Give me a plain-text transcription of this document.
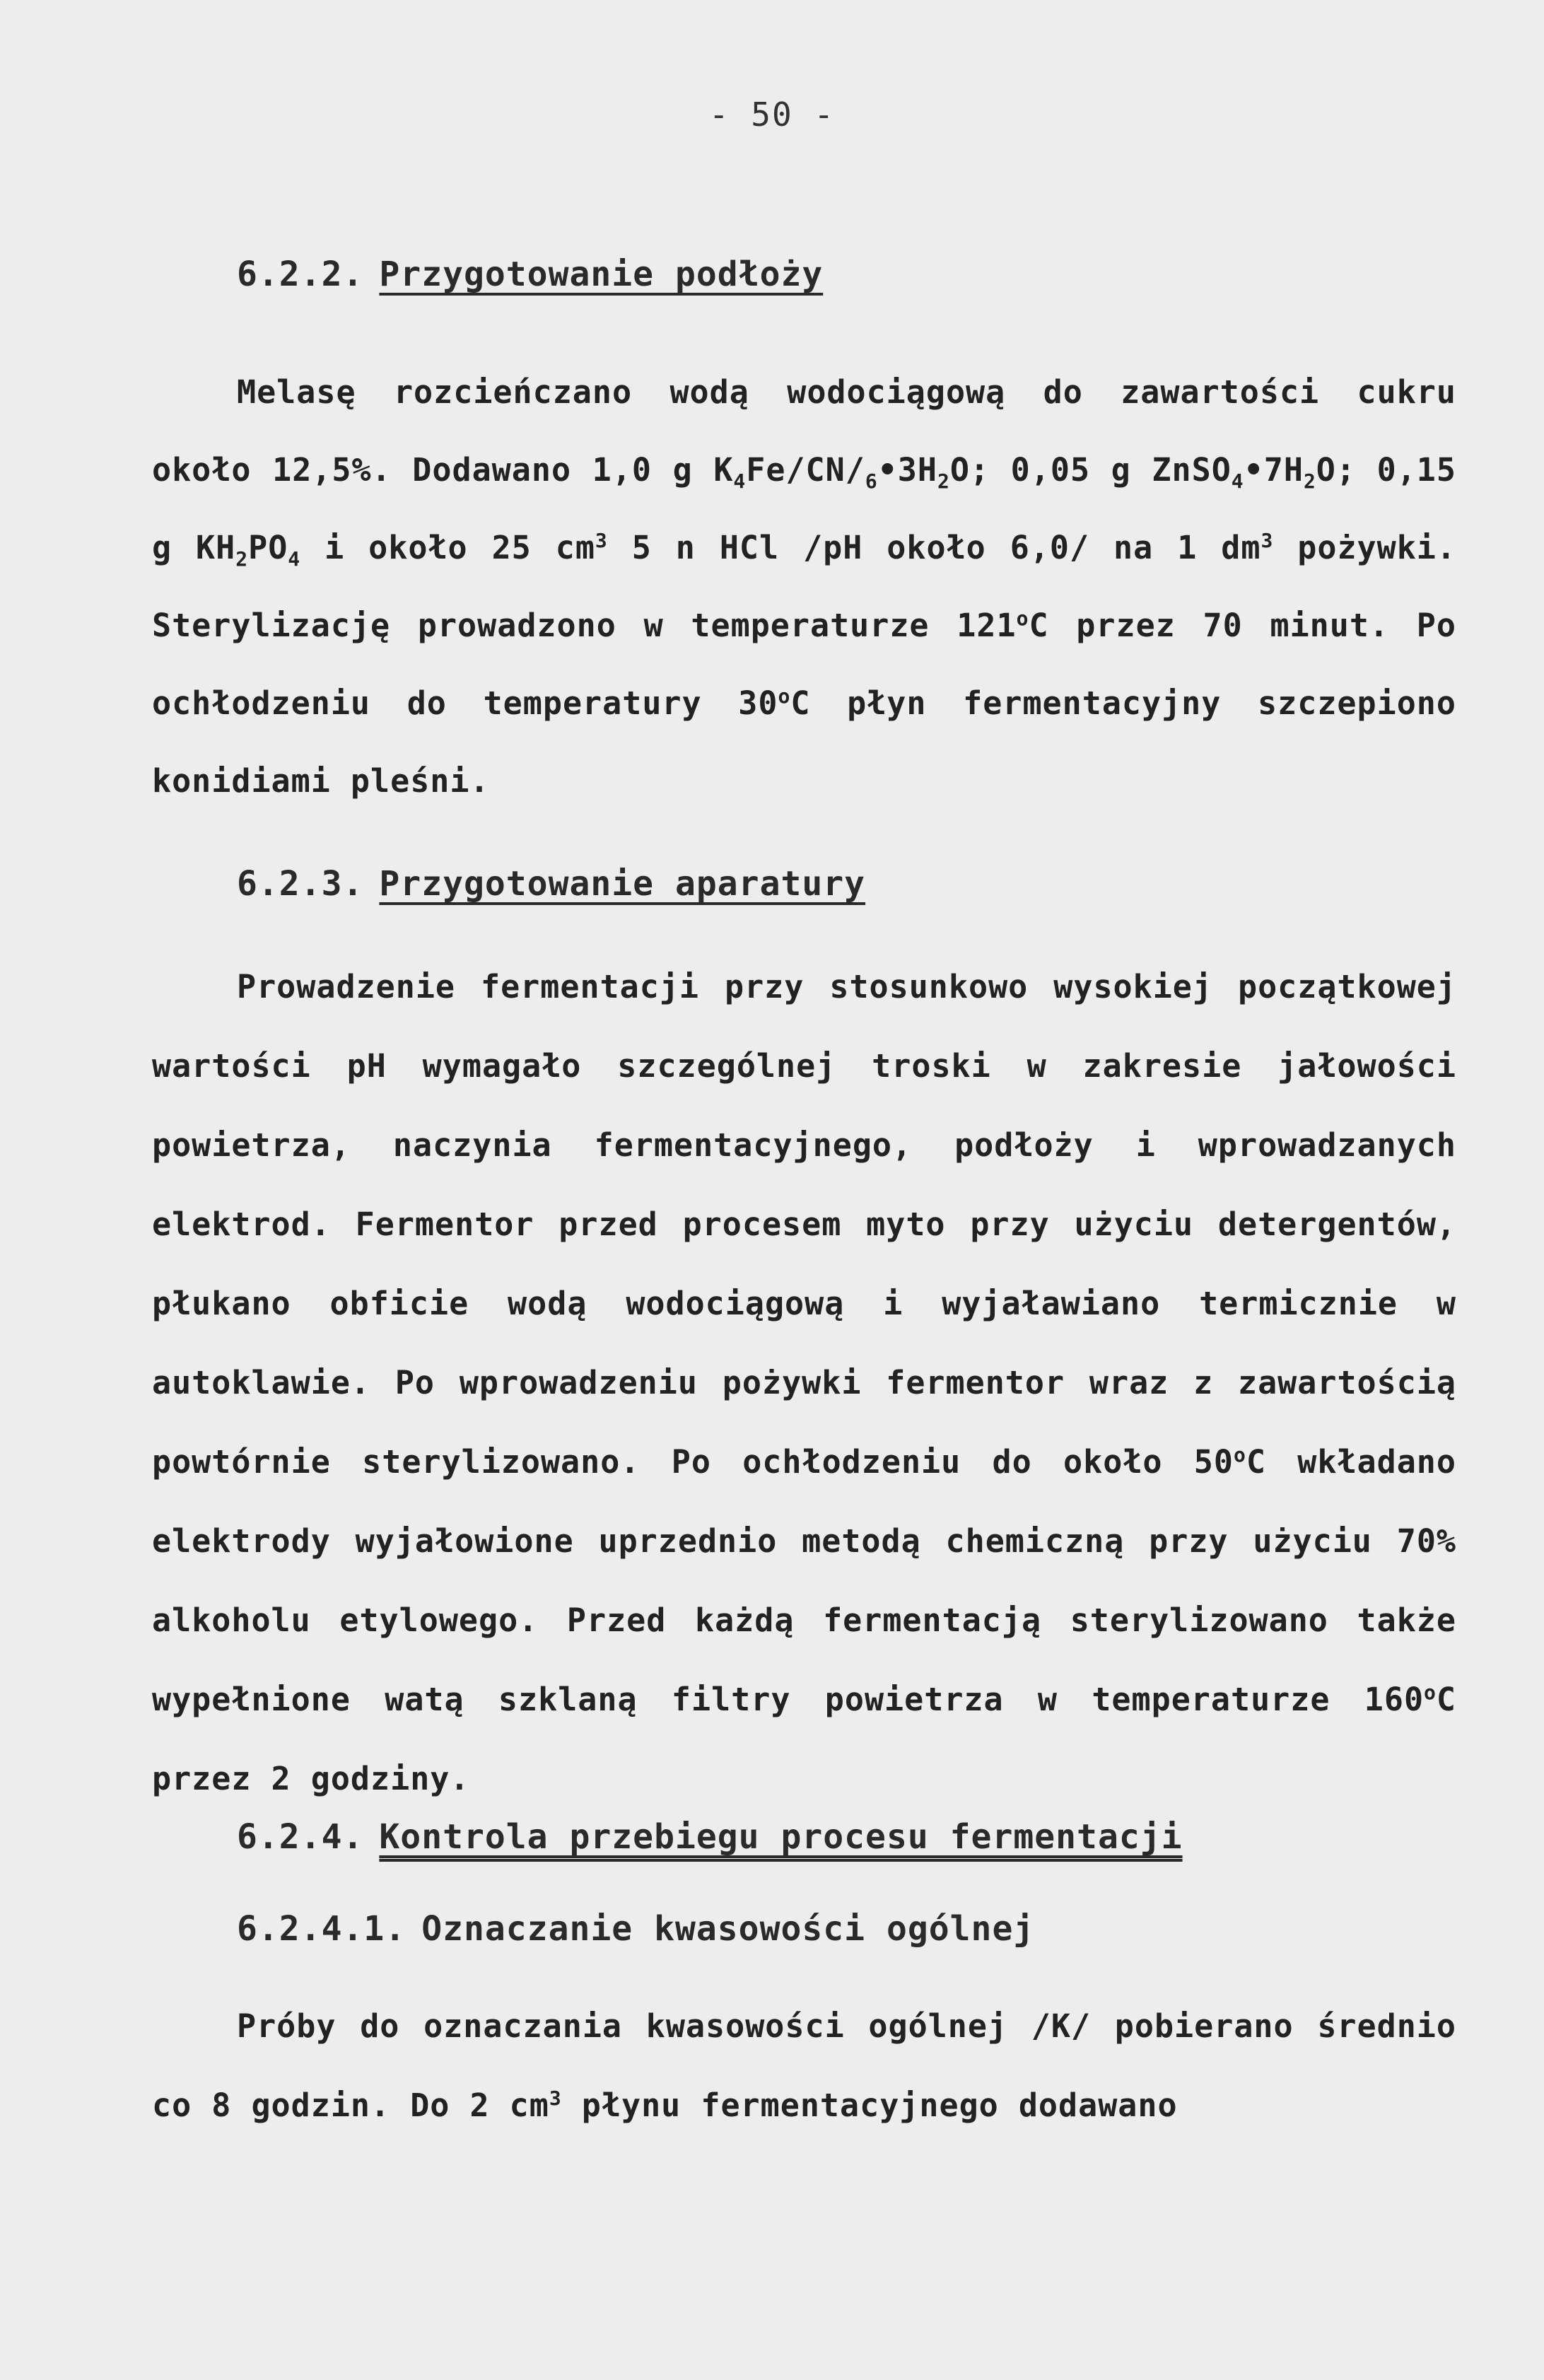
- 50 -
6.2.2. Przygotowanie podłoży
Melasę rozcieńczano wodą wodociągową do zawartości cukru około 12,5%. Dodawano 1,0 g $K_4Fe/CN/_6•3H_2O$; 0,05 g $ZnSO_4•7H_2O$; 0,15 g $KH_2PO_4$ i około 25 $cm^3$ 5 n HCl /pH około 6,0/ na 1 $dm^3$ pożywki. Sterylizację prowadzono w temperaturze 121$^o$C przez 70 minut. Po ochłodzeniu do temperatury 30$^o$C płyn fermentacyjny szczepiono konidiami pleśni.
6.2.3. Przygotowanie aparatury
Prowadzenie fermentacji przy stosunkowo wysokiej początkowej wartości pH wymagało szczególnej troski w zakresie jałowości powietrza, naczynia fermentacyjnego, podłoży i wprowadzanych elektrod. Fermentor przed procesem myto przy użyciu detergentów, płukano obficie wodą wodociągową i wyjaławiano termicznie w autoklawie. Po wprowadzeniu pożywki fermentor wraz z zawartością powtórnie sterylizowano. Po ochłodzeniu do około 50$^o$C wkładano elektrody wyjałowione uprzednio metodą chemiczną przy użyciu 70% alkoholu etylowego. Przed każdą fermentacją sterylizowano także wypełnione watą szklaną filtry powietrza w temperaturze 160$^o$C przez 2 godziny.
6.2.4. Kontrola przebiegu procesu fermentacji
6.2.4.1. Oznaczanie kwasowości ogólnej
Próby do oznaczania kwasowości ogólnej /K/ pobierano średnio co 8 godzin. Do 2 $cm^3$ płynu fermentacyjnego dodawano
